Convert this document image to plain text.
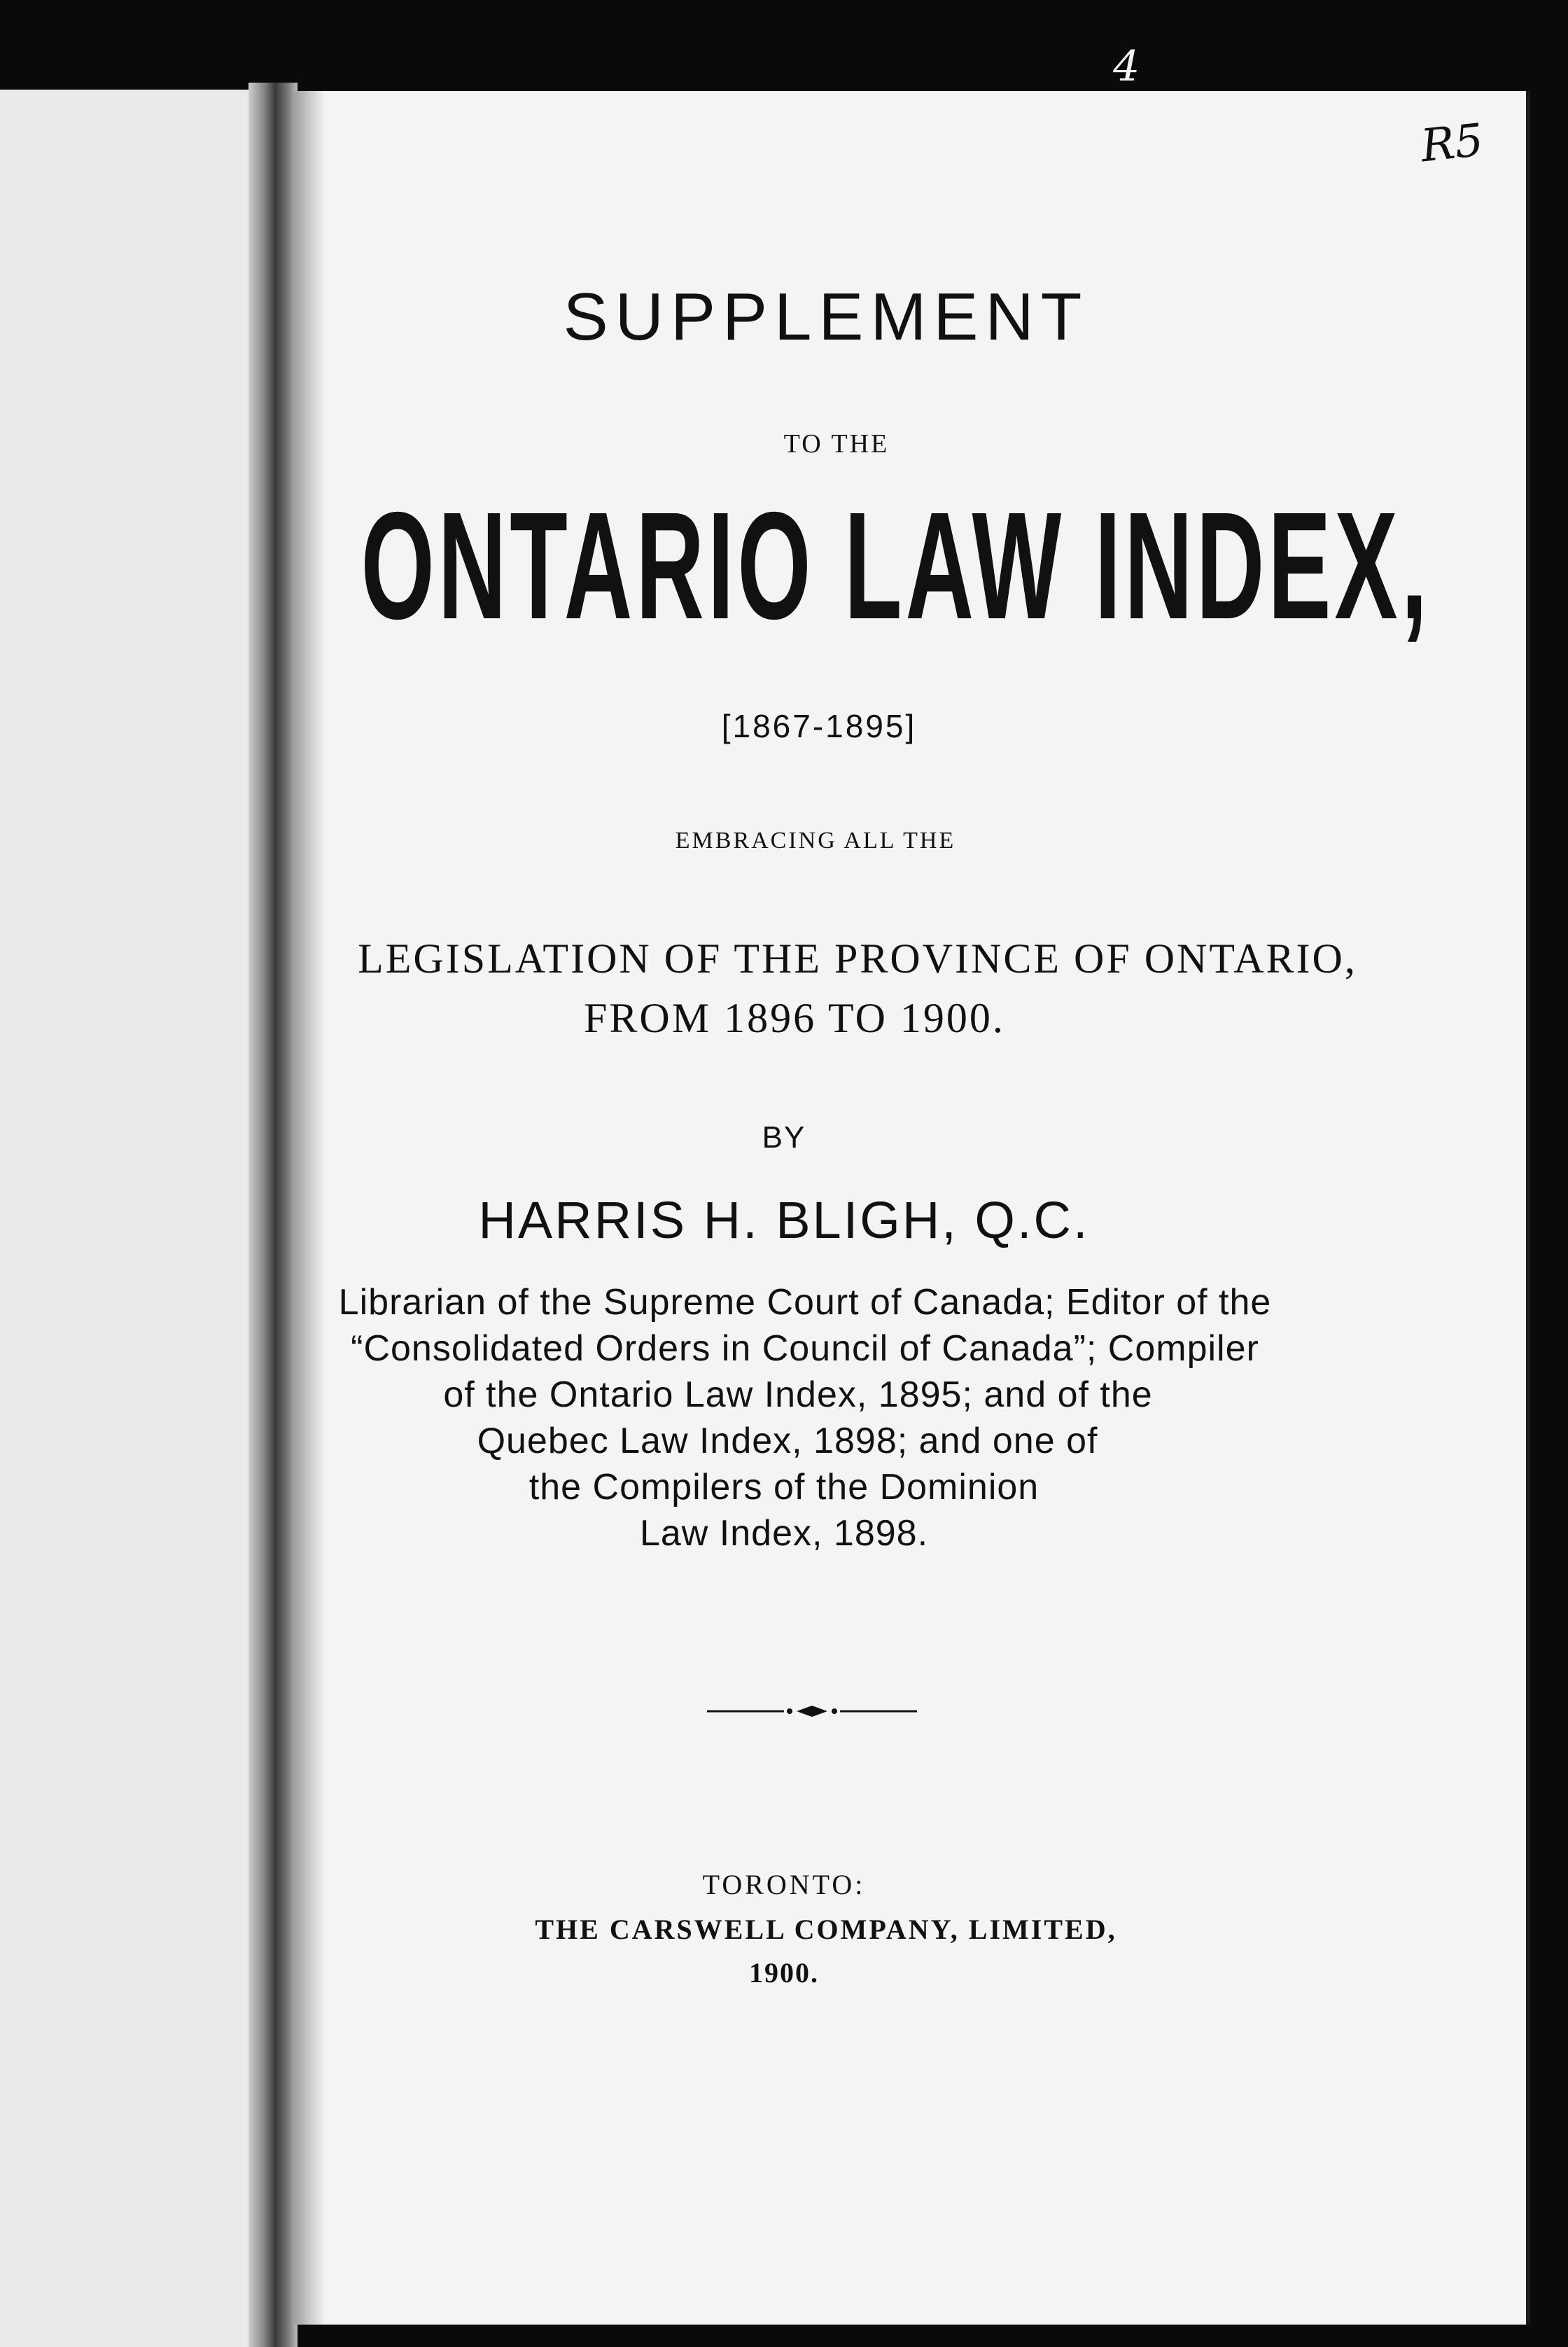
4
R5
SUPPLEMENT
TO THE
ONTARIO LAW INDEX,
[1867-1895]
EMBRACING ALL THE
LEGISLATION OF THE PROVINCE OF ONTARIO,
FROM 1896 TO 1900.
BY
HARRIS H. BLIGH, Q.C.
Librarian of the Supreme Court of Canada; Editor of the
“Consolidated Orders in Council of Canada”; Compiler
of the Ontario Law Index, 1895; and of the
Quebec Law Index, 1898; and one of
the Compilers of the Dominion
Law Index, 1898.
TORONTO:
THE CARSWELL COMPANY, LIMITED,
1900.
